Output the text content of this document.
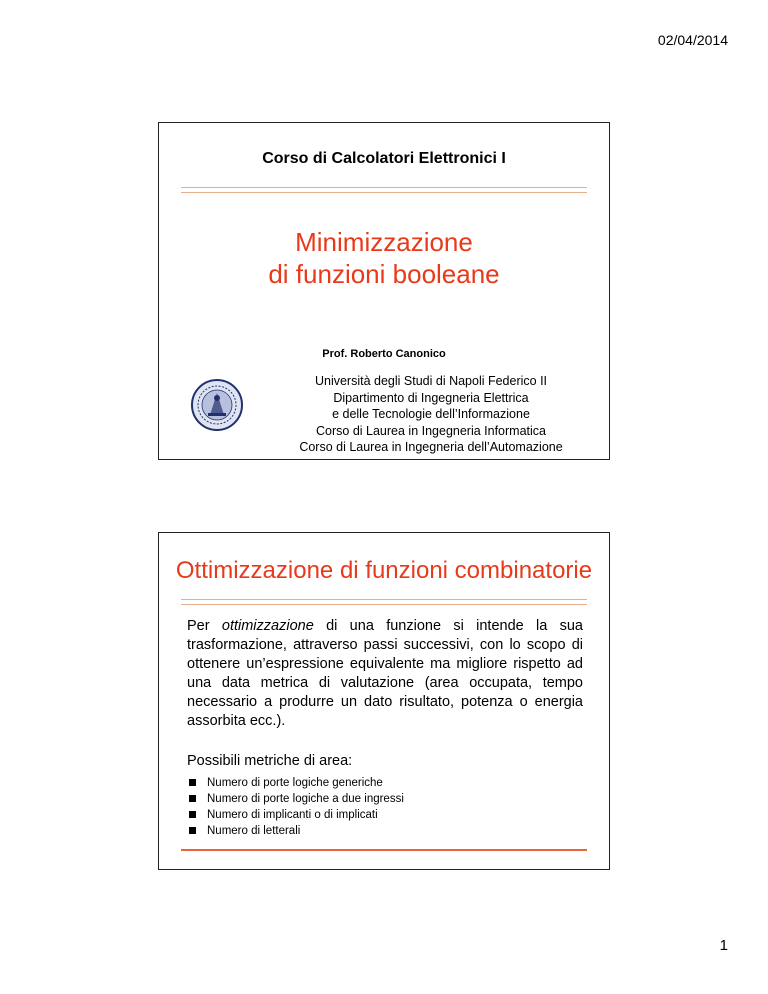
02/04/2014
Corso di Calcolatori Elettronici I
Minimizzazione
di funzioni booleane
Prof. Roberto Canonico
Università degli Studi di Napoli Federico II
Dipartimento di Ingegneria Elettrica
e delle Tecnologie dell’Informazione
Corso di Laurea in Ingegneria Informatica
Corso di Laurea in Ingegneria dell’Automazione
Ottimizzazione di funzioni combinatorie
Per ottimizzazione di una funzione si intende la sua trasformazione, attraverso passi successivi, con lo scopo di ottenere un’espressione equivalente ma migliore rispetto ad una data metrica di valutazione (area occupata, tempo necessario a produrre un dato risultato, potenza o energia assorbita ecc.).
Possibili metriche di area:
Numero di porte logiche generiche
Numero di porte logiche a due ingressi
Numero di implicanti o di implicati
Numero di letterali
1
